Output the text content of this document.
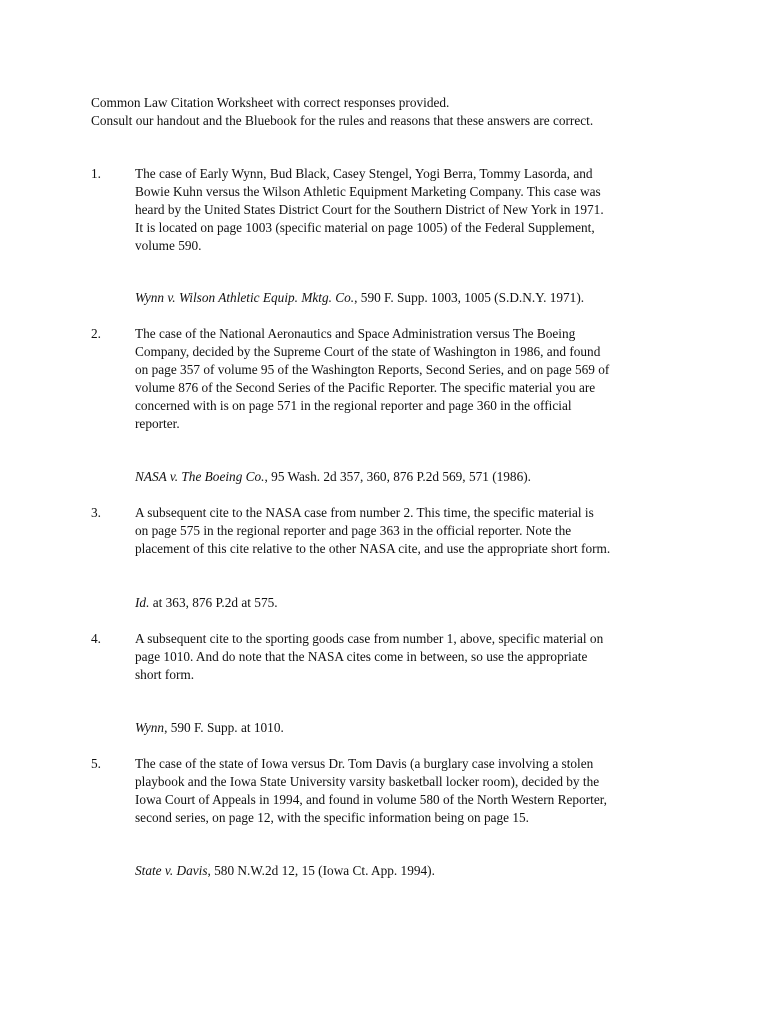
Common Law Citation Worksheet with correct responses provided.
Consult our handout and the Bluebook for the rules and reasons that these answers are correct.
1.	The case of Early Wynn, Bud Black, Casey Stengel, Yogi Berra, Tommy Lasorda, and
Bowie Kuhn versus the Wilson Athletic Equipment Marketing Company. This case was
heard by the United States District Court for the Southern District of New York in 1971.
It is located on page 1003 (specific material on page 1005) of the Federal Supplement,
volume 590.
Wynn v. Wilson Athletic Equip. Mktg. Co., 590 F. Supp. 1003, 1005 (S.D.N.Y. 1971).
2.	The case of the National Aeronautics and Space Administration versus The Boeing
Company, decided by the Supreme Court of the state of Washington in 1986, and found
on page 357 of volume 95 of the Washington Reports, Second Series, and on page 569 of
volume 876 of the Second Series of the Pacific Reporter. The specific material you are
concerned with is on page 571 in the regional reporter and page 360 in the official
reporter.
NASA v. The Boeing Co., 95 Wash. 2d 357, 360, 876 P.2d 569, 571 (1986).
3.	A subsequent cite to the NASA case from number 2. This time, the specific material is
on page 575 in the regional reporter and page 363 in the official reporter. Note the
placement of this cite relative to the other NASA cite, and use the appropriate short form.
Id. at 363, 876 P.2d at 575.
4.	A subsequent cite to the sporting goods case from number 1, above, specific material on
page 1010. And do note that the NASA cites come in between, so use the appropriate
short form.
Wynn, 590 F. Supp. at 1010.
5.	The case of the state of Iowa versus Dr. Tom Davis (a burglary case involving a stolen
playbook and the Iowa State University varsity basketball locker room), decided by the
Iowa Court of Appeals in 1994, and found in volume 580 of the North Western Reporter,
second series, on page 12, with the specific information being on page 15.
State v. Davis, 580 N.W.2d 12, 15 (Iowa Ct. App. 1994).
